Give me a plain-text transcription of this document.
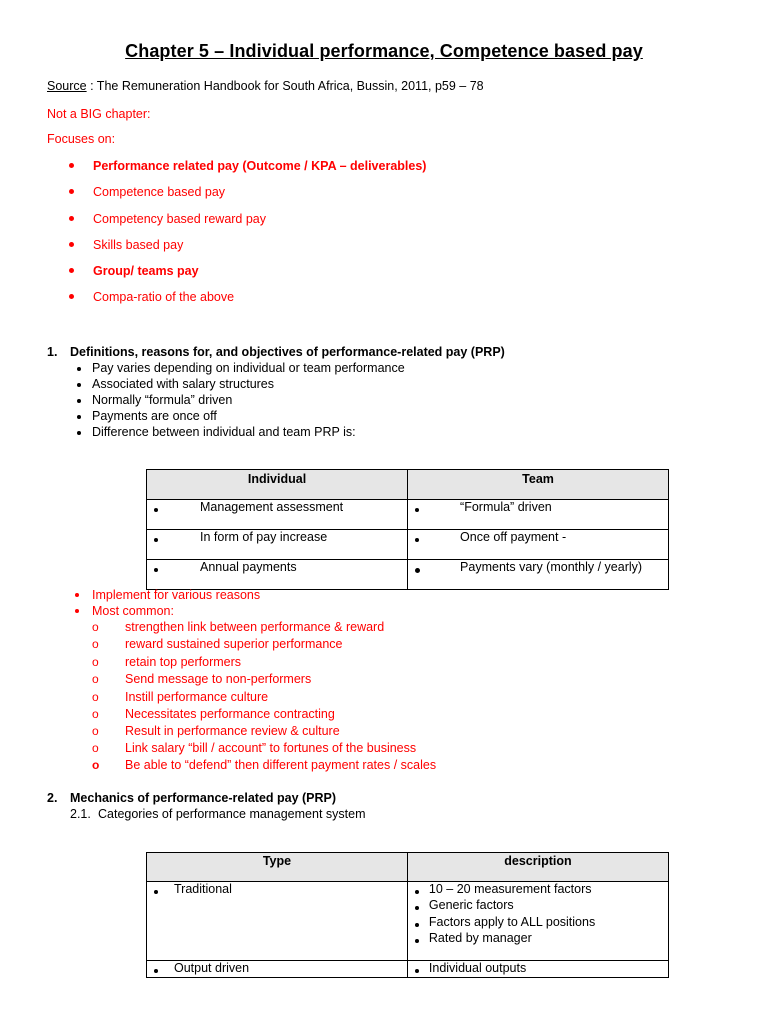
Chapter 5 – Individual performance, Competence based pay
Source : The Remuneration Handbook for South Africa, Bussin, 2011, p59 – 78
Not a BIG chapter:
Focuses on:
Performance related pay (Outcome / KPA – deliverables)
Competence based pay
Competency based reward pay
Skills based pay
Group/ teams pay
Compa-ratio of the above
1. Definitions, reasons for, and objectives of performance-related pay (PRP)
Pay varies depending on individual or team performance
Associated with salary structures
Normally “formula” driven
Payments are once off
Difference between individual and team PRP is:
Individual	Team

Management assessment	“Formula” driven

In form of pay increase	Once off payment -

Annual payments	Payments vary (monthly / yearly)
Implement for various reasons
Most common:
o strengthen link between performance & reward
o reward sustained superior performance
o retain top performers
o Send message to non-performers
o Instill performance culture
o Necessitates performance contracting
o Result in performance review & culture
o Link salary “bill / account” to fortunes of the business
o Be able to “defend” then different payment rates / scales
2. Mechanics of performance-related pay (PRP)
2.1. Categories of performance management system
Type	description

Traditional	10 – 20 measurement factors
Generic factors
Factors apply to ALL positions
Rated by manager

Output driven	Individual outputs
